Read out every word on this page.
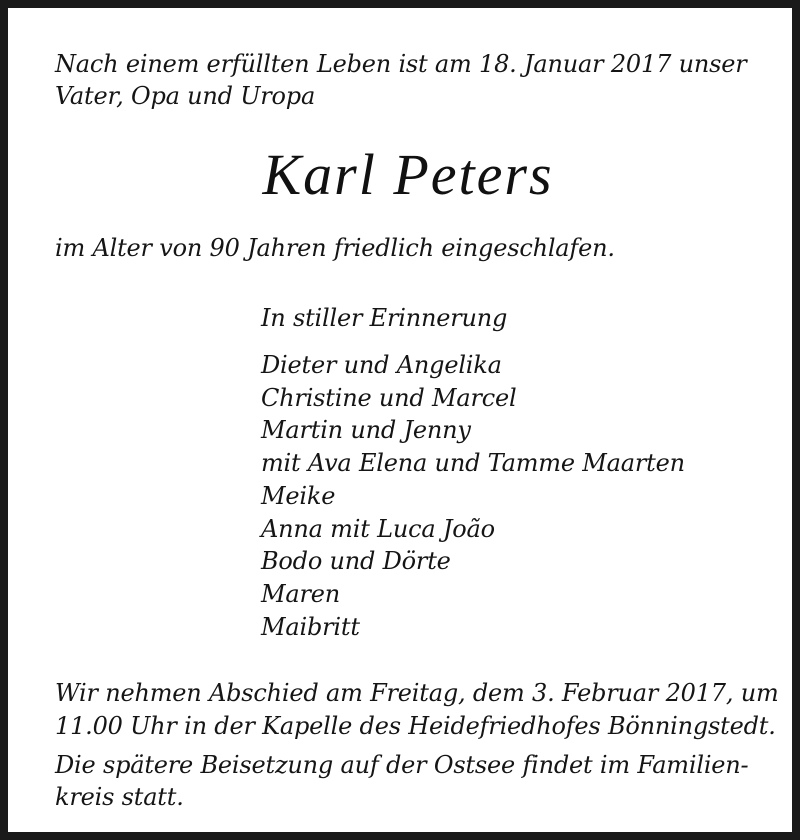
Nach einem erfüllten Leben ist am 18. Januar 2017 unser
Vater, Opa und Uropa
Karl Peters
im Alter von 90 Jahren friedlich eingeschlafen.
In stiller Erinnerung
Dieter und Angelika
Christine und Marcel
Martin und Jenny
mit Ava Elena und Tamme Maarten
Meike
Anna mit Luca João
Bodo und Dörte
Maren
Maibritt
Wir nehmen Abschied am Freitag, dem 3. Februar 2017, um
11.00 Uhr in der Kapelle des Heidefriedhofes Bönningstedt.
Die spätere Beisetzung auf der Ostsee findet im Familien-
kreis statt.
